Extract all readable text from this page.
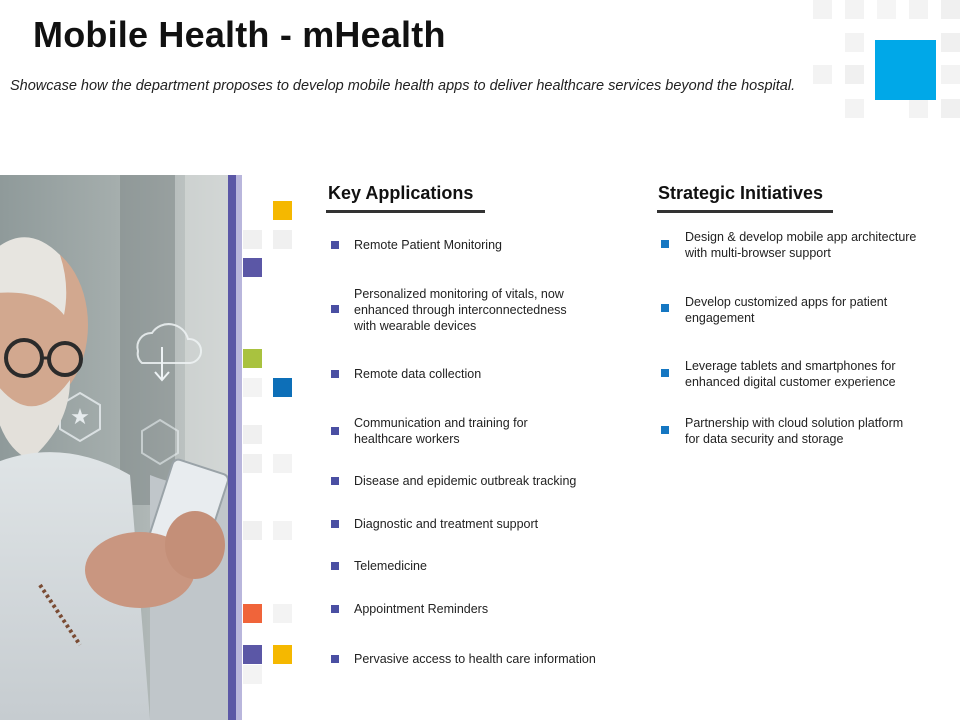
Mobile Health - mHealth
Showcase how the department proposes to develop mobile health apps to deliver healthcare services beyond the hospital.
★
Key Applications
Remote Patient Monitoring
Personalized monitoring of vitals, now
enhanced through interconnectedness
with wearable devices
Remote data collection
Communication and training for
healthcare workers
Disease and epidemic outbreak tracking
Diagnostic and treatment support
Telemedicine
Appointment Reminders
Pervasive access to health care information
Strategic Initiatives
Design & develop mobile app architecture
with multi-browser support
Develop customized apps for patient
engagement
Leverage tablets and smartphones for
enhanced digital customer experience
Partnership with cloud solution platform
for data security and storage
